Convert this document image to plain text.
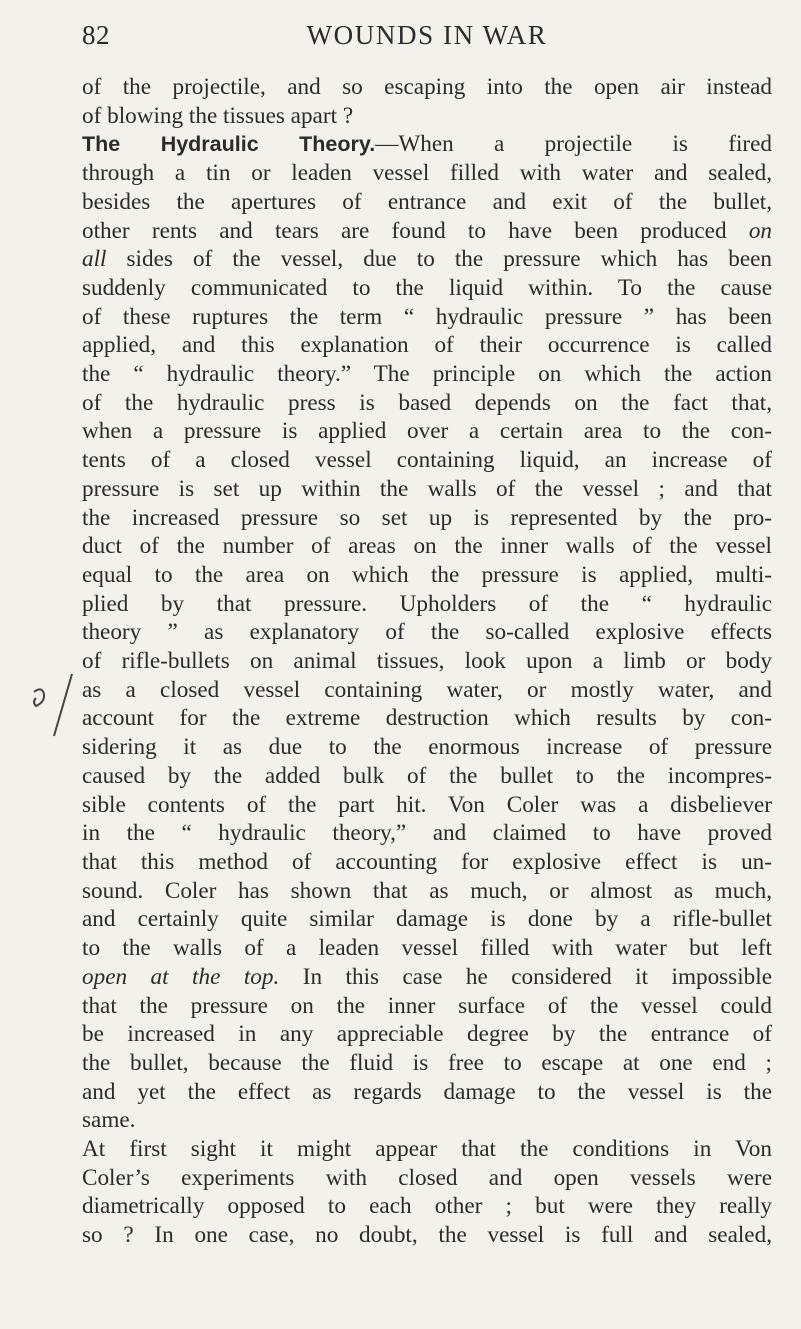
82	WOUNDS IN WAR
of the projectile, and so escaping into the open air instead
of blowing the tissues apart ?
The Hydraulic Theory.—When a projectile is fired
through a tin or leaden vessel filled with water and sealed,
besides the apertures of entrance and exit of the bullet,
other rents and tears are found to have been produced on
all sides of the vessel, due to the pressure which has been
suddenly communicated to the liquid within. To the cause
of these ruptures the term “ hydraulic pressure ” has been
applied, and this explanation of their occurrence is called
the “ hydraulic theory.” The principle on which the action
of the hydraulic press is based depends on the fact that,
when a pressure is applied over a certain area to the con-
tents of a closed vessel containing liquid, an increase of
pressure is set up within the walls of the vessel ; and that
the increased pressure so set up is represented by the pro-
duct of the number of areas on the inner walls of the vessel
equal to the area on which the pressure is applied, multi-
plied by that pressure. Upholders of the “ hydraulic
theory ” as explanatory of the so-called explosive effects
of rifle-bullets on animal tissues, look upon a limb or body
as a closed vessel containing water, or mostly water, and
account for the extreme destruction which results by con-
sidering it as due to the enormous increase of pressure
caused by the added bulk of the bullet to the incompres-
sible contents of the part hit. Von Coler was a disbeliever
in the “ hydraulic theory,” and claimed to have proved
that this method of accounting for explosive effect is un-
sound. Coler has shown that as much, or almost as much,
and certainly quite similar damage is done by a rifle-bullet
to the walls of a leaden vessel filled with water but left
open at the top. In this case he considered it impossible
that the pressure on the inner surface of the vessel could
be increased in any appreciable degree by the entrance of
the bullet, because the fluid is free to escape at one end ;
and yet the effect as regards damage to the vessel is the
same.
At first sight it might appear that the conditions in Von
Coler’s experiments with closed and open vessels were
diametrically opposed to each other ; but were they really
so ? In one case, no doubt, the vessel is full and sealed,
